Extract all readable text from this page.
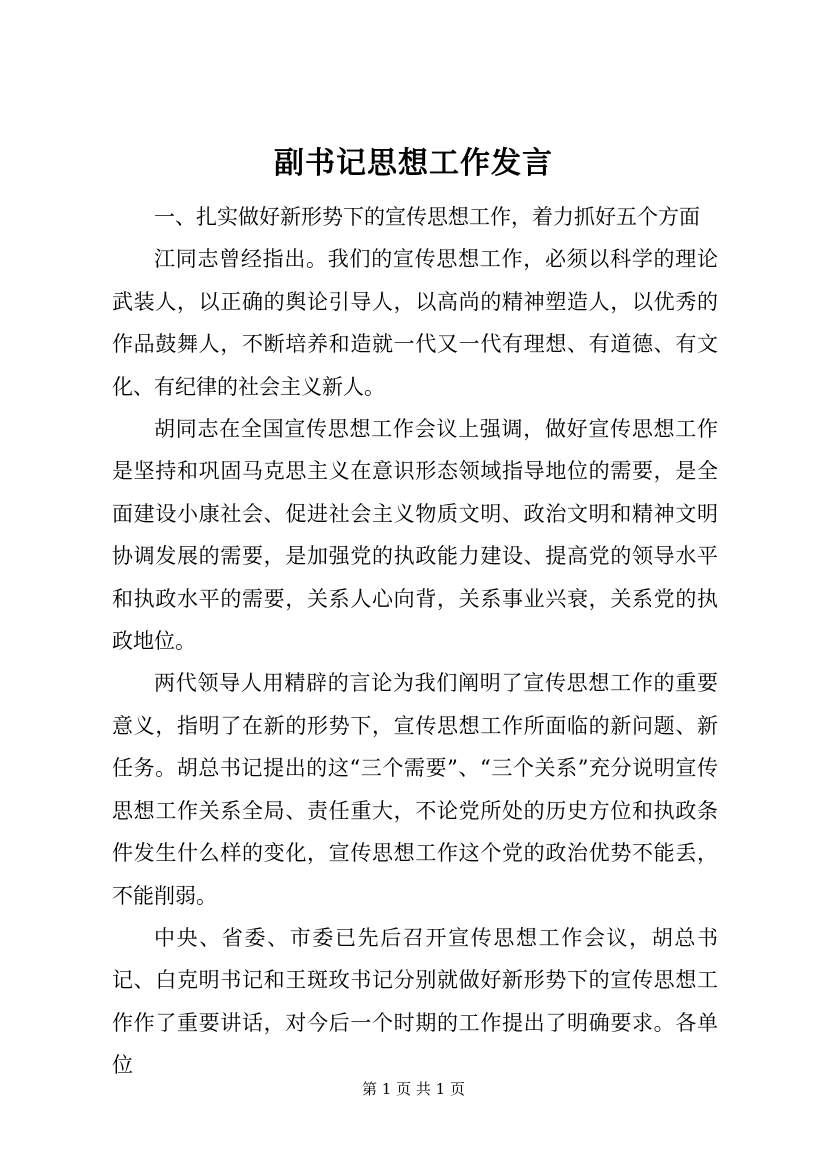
副书记思想工作发言

一、扎实做好新形势下的宣传思想工作，着力抓好五个方面

江同志曾经指出。我们的宣传思想工作，必须以科学的理论武装人，以正确的舆论引导人，以高尚的精神塑造人，以优秀的作品鼓舞人，不断培养和造就一代又一代有理想、有道德、有文化、有纪律的社会主义新人。

胡同志在全国宣传思想工作会议上强调，做好宣传思想工作是坚持和巩固马克思主义在意识形态领域指导地位的需要，是全面建设小康社会、促进社会主义物质文明、政治文明和精神文明协调发展的需要，是加强党的执政能力建设、提高党的领导水平和执政水平的需要，关系人心向背，关系事业兴衰，关系党的执政地位。

两代领导人用精辟的言论为我们阐明了宣传思想工作的重要意义，指明了在新的形势下，宣传思想工作所面临的新问题、新任务。胡总书记提出的这“三个需要”、“三个关系”充分说明宣传思想工作关系全局、责任重大，不论党所处的历史方位和执政条件发生什么样的变化，宣传思想工作这个党的政治优势不能丢，不能削弱。

中央、省委、市委已先后召开宣传思想工作会议，胡总书记、白克明书记和王斑玫书记分别就做好新形势下的宣传思想工作作了重要讲话，对今后一个时期的工作提出了明确要求。各单位

第 1 页 共 1 页
